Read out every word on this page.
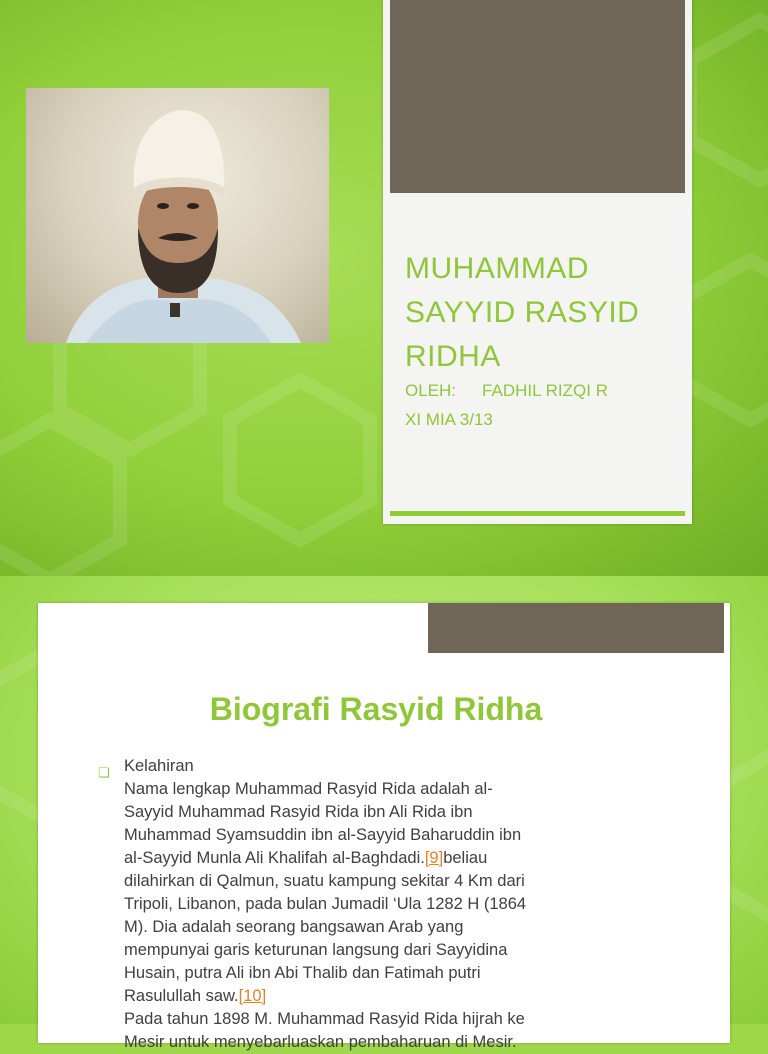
MUHAMMAD
SAYYID RASYID
RIDHA
OLEH: FADHIL RIZQI R
XI MIA 3/13
Biografi Rasyid Ridha
❏ Kelahiran
Nama lengkap Muhammad Rasyid Rida adalah al-
Sayyid Muhammad Rasyid Rida ibn Ali Rida ibn
Muhammad Syamsuddin ibn al-Sayyid Baharuddin ibn
al-Sayyid Munla Ali Khalifah al-Baghdadi.[9]beliau
dilahirkan di Qalmun, suatu kampung sekitar 4 Km dari
Tripoli, Libanon, pada bulan Jumadil ‘Ula 1282 H (1864
M). Dia adalah seorang bangsawan Arab yang
mempunyai garis keturunan langsung dari Sayyidina
Husain, putra Ali ibn Abi Thalib dan Fatimah putri
Rasulullah saw.[10]
Pada tahun 1898 M. Muhammad Rasyid Rida hijrah ke
Mesir untuk menyebarluaskan pembaharuan di Mesir.
